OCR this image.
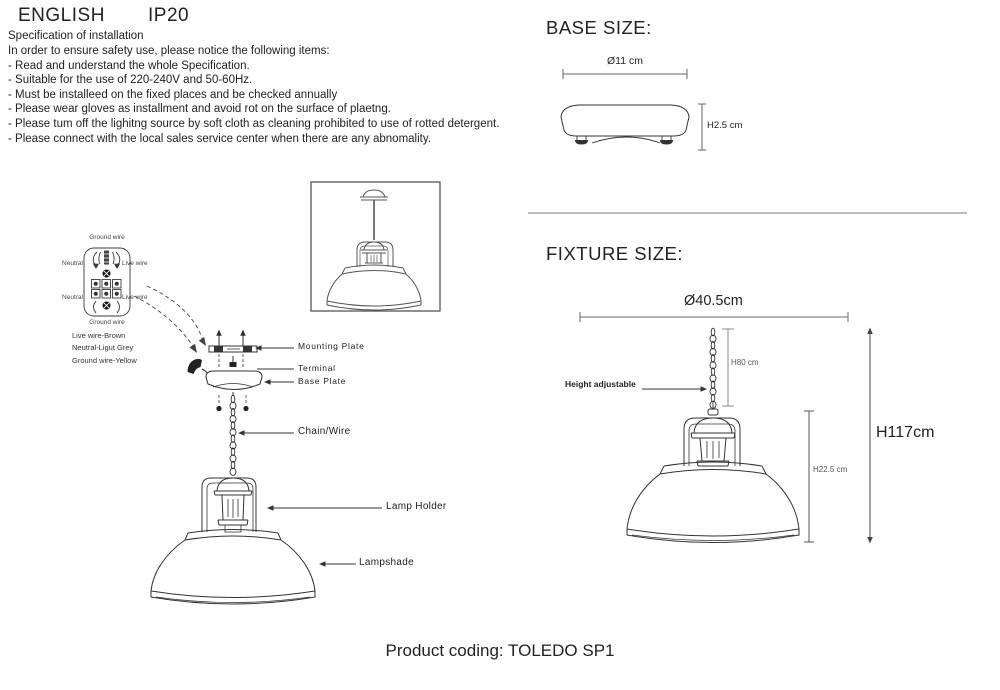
ENGLISH IP20
Specification of installation
In order to ensure safety use, please notice the following items:
- Read and understand the whole Specification.
- Suitable for the use of 220-240V and 50-60Hz.
- Must be installeed on the fixed places and be checked annually
- Please wear gloves as installment and avoid rot on the surface of plaetng.
- Please tum off the lighitng source by soft cloth as cleaning prohibited to use of rotted detergent.
- Please connect with the local sales service center when there are any abnomality.
Ground wire
Neutral	Live wire
Neutral	Live wire
Ground wire
Live wire-Brown
Neutral-Ligut Grey
Ground wire-Yellow
Mounting Plate
Terminal
Base Plate
Chain/Wire
Lamp Holder
Lampshade
BASE SIZE:
Ø11 cm
H2.5 cm
FIXTURE SIZE:
Ø40.5cm
H80 cm
Height adjustable
H22.5 cm
H117cm
Product coding: TOLEDO SP1
